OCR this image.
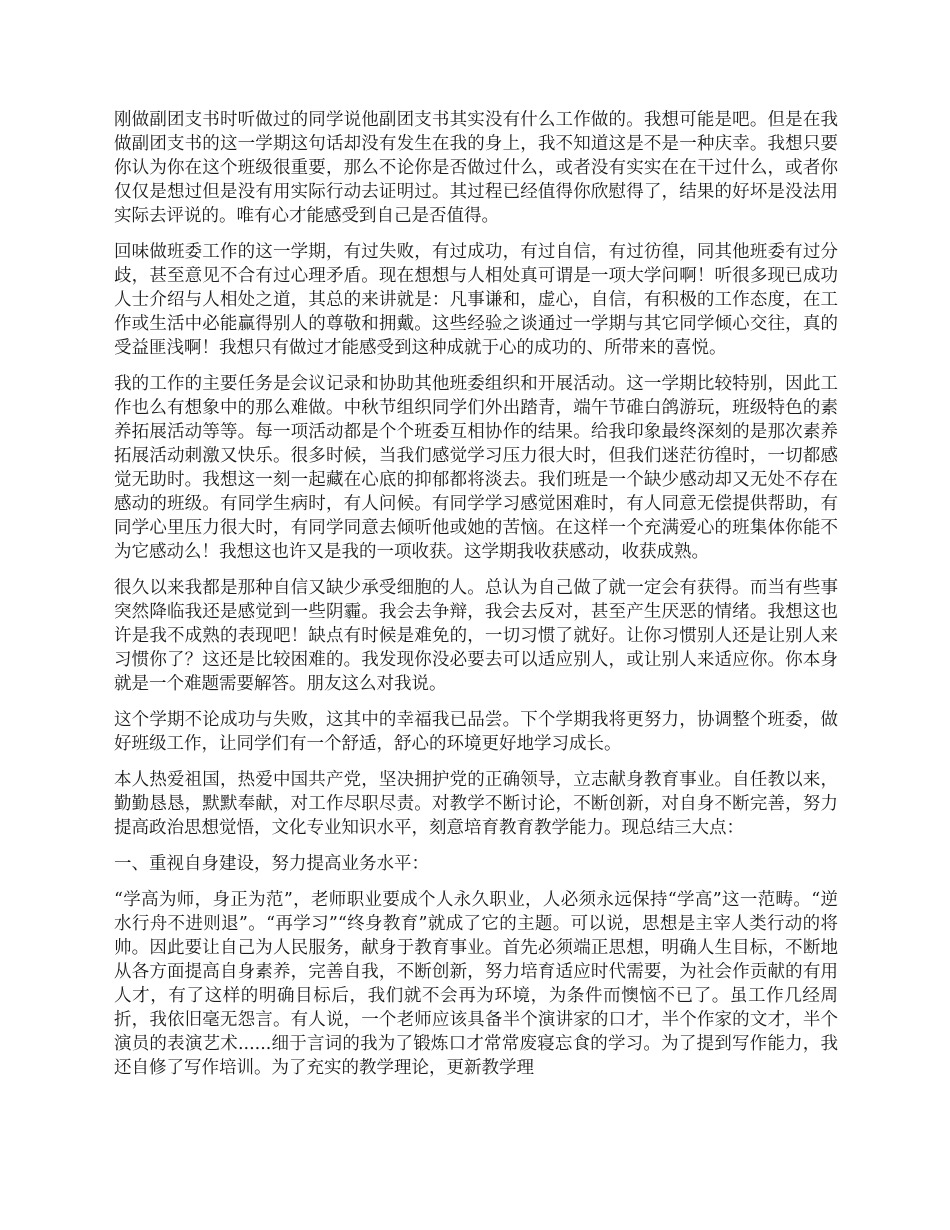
刚做副团支书时听做过的同学说他副团支书其实没有什么工作做的。我想可能是吧。但是在我做副团支书的这一学期这句话却没有发生在我的身上，我不知道这是不是一种庆幸。我想只要你认为你在这个班级很重要，那么不论你是否做过什么，或者没有实实在在干过什么，或者你仅仅是想过但是没有用实际行动去证明过。其过程已经值得你欣慰得了，结果的好坏是没法用实际去评说的。唯有心才能感受到自己是否值得。

回味做班委工作的这一学期，有过失败，有过成功，有过自信，有过彷徨，同其他班委有过分歧，甚至意见不合有过心理矛盾。现在想想与人相处真可谓是一项大学问啊！听很多现已成功人士介绍与人相处之道，其总的来讲就是：凡事谦和，虚心，自信，有积极的工作态度，在工作或生活中必能赢得别人的尊敬和拥戴。这些经验之谈通过一学期与其它同学倾心交往，真的受益匪浅啊！我想只有做过才能感受到这种成就于心的成功的、所带来的喜悦。

我的工作的主要任务是会议记录和协助其他班委组织和开展活动。这一学期比较特别，因此工作也么有想象中的那么难做。中秋节组织同学们外出踏青，端午节碓白鸽游玩，班级特色的素养拓展活动等等。每一项活动都是个个班委互相协作的结果。给我印象最终深刻的是那次素养拓展活动刺激又快乐。很多时候，当我们感觉学习压力很大时，但我们迷茫彷徨时，一切都感觉无助时。我想这一刻一起藏在心底的抑郁都将淡去。我们班是一个缺少感动却又无处不存在感动的班级。有同学生病时，有人问候。有同学学习感觉困难时，有人同意无偿提供帮助，有同学心里压力很大时，有同学同意去倾听他或她的苦恼。在这样一个充满爱心的班集体你能不为它感动么！我想这也许又是我的一项收获。这学期我收获感动，收获成熟。

很久以来我都是那种自信又缺少承受细胞的人。总认为自己做了就一定会有获得。而当有些事突然降临我还是感觉到一些阴霾。我会去争辩，我会去反对，甚至产生厌恶的情绪。我想这也许是我不成熟的表现吧！缺点有时候是难免的，一切习惯了就好。让你习惯别人还是让别人来习惯你了？这还是比较困难的。我发现你没必要去可以适应别人，或让别人来适应你。你本身就是一个难题需要解答。朋友这么对我说。

这个学期不论成功与失败，这其中的幸福我已品尝。下个学期我将更努力，协调整个班委，做好班级工作，让同学们有一个舒适，舒心的环境更好地学习成长。

本人热爱祖国，热爱中国共产党，坚决拥护党的正确领导，立志献身教育事业。自任教以来，勤勤恳恳，默默奉献，对工作尽职尽责。对教学不断讨论，不断创新，对自身不断完善，努力提高政治思想觉悟，文化专业知识水平，刻意培育教育教学能力。现总结三大点：

一、重视自身建设，努力提高业务水平：

“学高为师，身正为范”，老师职业要成个人永久职业，人必须永远保持“学高”这一范畴。“逆水行舟不进则退”。“再学习”“终身教育”就成了它的主题。可以说，思想是主宰人类行动的将帅。因此要让自己为人民服务，献身于教育事业。首先必须端正思想，明确人生目标，不断地从各方面提高自身素养，完善自我，不断创新，努力培育适应时代需要，为社会作贡献的有用人才，有了这样的明确目标后，我们就不会再为环境，为条件而懊恼不已了。虽工作几经周折，我依旧毫无怨言。有人说，一个老师应该具备半个演讲家的口才，半个作家的文才，半个演员的表演艺术......细于言词的我为了锻炼口才常常废寝忘食的学习。为了提到写作能力，我还自修了写作培训。为了充实的教学理论，更新教学理
